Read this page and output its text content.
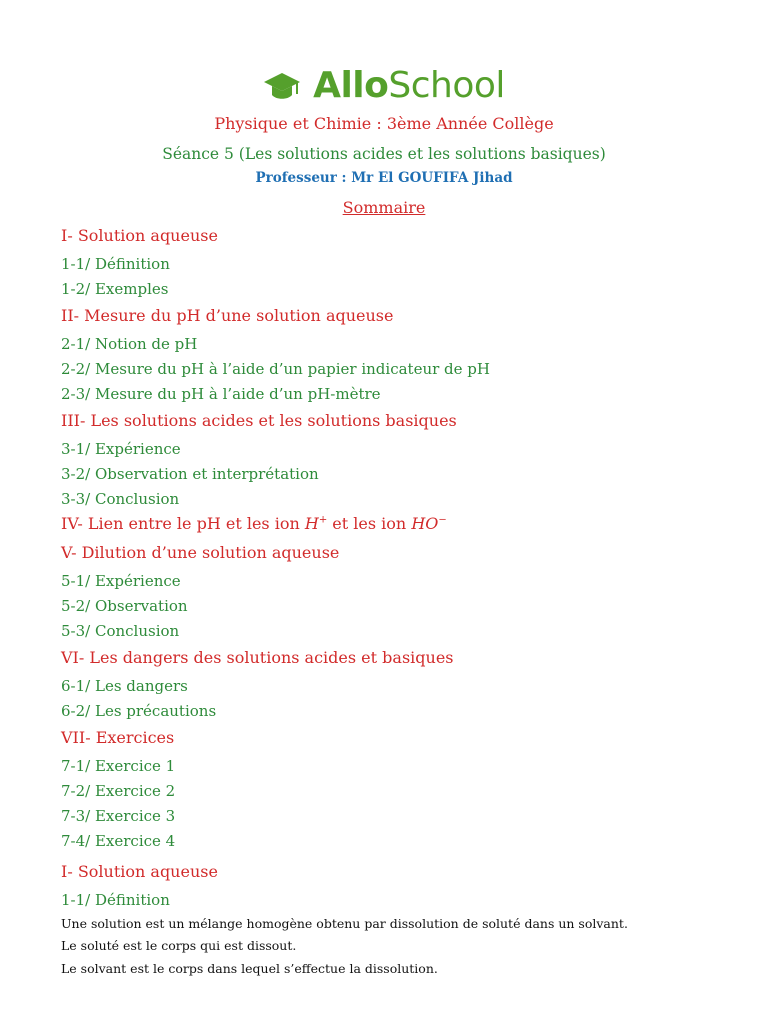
AlloSchool
Physique et Chimie : 3ème Année Collège
Séance 5 (Les solutions acides et les solutions basiques)
Professeur : Mr El GOUFIFA Jihad
Sommaire
I- Solution aqueuse
1-1/ Définition
1-2/ Exemples
II- Mesure du pH d’une solution aqueuse
2-1/ Notion de pH
2-2/ Mesure du pH à l’aide d’un papier indicateur de pH
2-3/ Mesure du pH à l’aide d’un pH-mètre
III- Les solutions acides et les solutions basiques
3-1/ Expérience
3-2/ Observation et interprétation
3-3/ Conclusion
IV- Lien entre le pH et les ion H+ et les ion HO−
V- Dilution d’une solution aqueuse
5-1/ Expérience
5-2/ Observation
5-3/ Conclusion
VI- Les dangers des solutions acides et basiques
6-1/ Les dangers
6-2/ Les précautions
VII- Exercices
7-1/ Exercice 1
7-2/ Exercice 2
7-3/ Exercice 3
7-4/ Exercice 4
I- Solution aqueuse
1-1/ Définition
Une solution est un mélange homogène obtenu par dissolution de soluté dans un solvant.
Le soluté est le corps qui est dissout.
Le solvant est le corps dans lequel s’effectue la dissolution.
